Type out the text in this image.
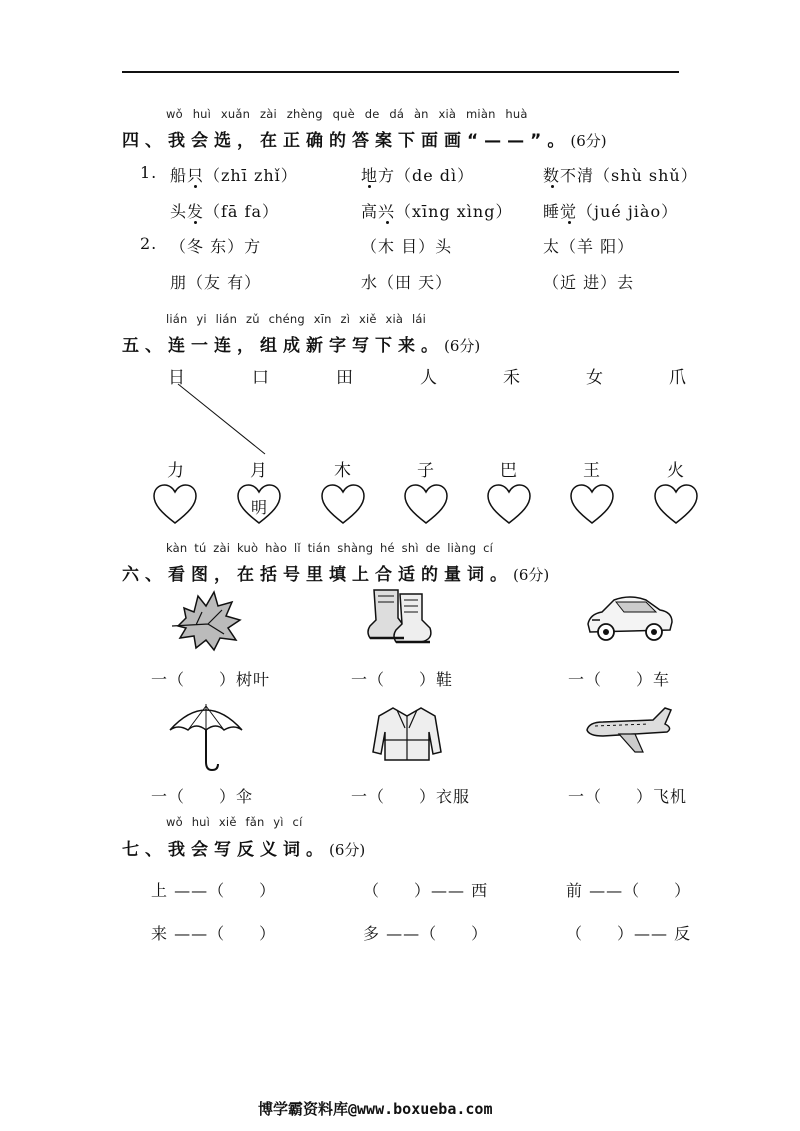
wǒ huì xuǎn zài zhèng què de dá àn xià miàn huà
四、我会选，在正确的答案下面画“——”。(6分)
1. 船只（zhī zhǐ）	地方（de dì）	数不清（shù shǔ）
头发（fā fa）	高兴（xīng xìng） 睡觉（jué jiào）
2. （冬 东）方	（木 目）头	太（羊 阳）
朋（友 有）	水（田 天）	（近 进）去
lián yi lián zǔ chéng xīn zì xiě xià lái
五、连一连，组成新字写下来。(6分)
日	口	田	人	禾	女	爪
力	月	木	子	巴	王	火
明
kàn tú zài kuò hào lǐ tián shàng hé shì de liàng cí
六、看图，在括号里填上合适的量词。(6分)
一（　　）树叶	一（　　）鞋	一（　　）车
一（　　）伞	一（　　）衣服	一（　　）飞机
wǒ huì xiě fǎn yì cí
七、我会写反义词。(6分)
上 ——（　　）	（　　）—— 西	前 ——（　　）
来 ——（　　）	多 ——（　　）	（　　）—— 反
博学霸资料库@www.boxueba.com
